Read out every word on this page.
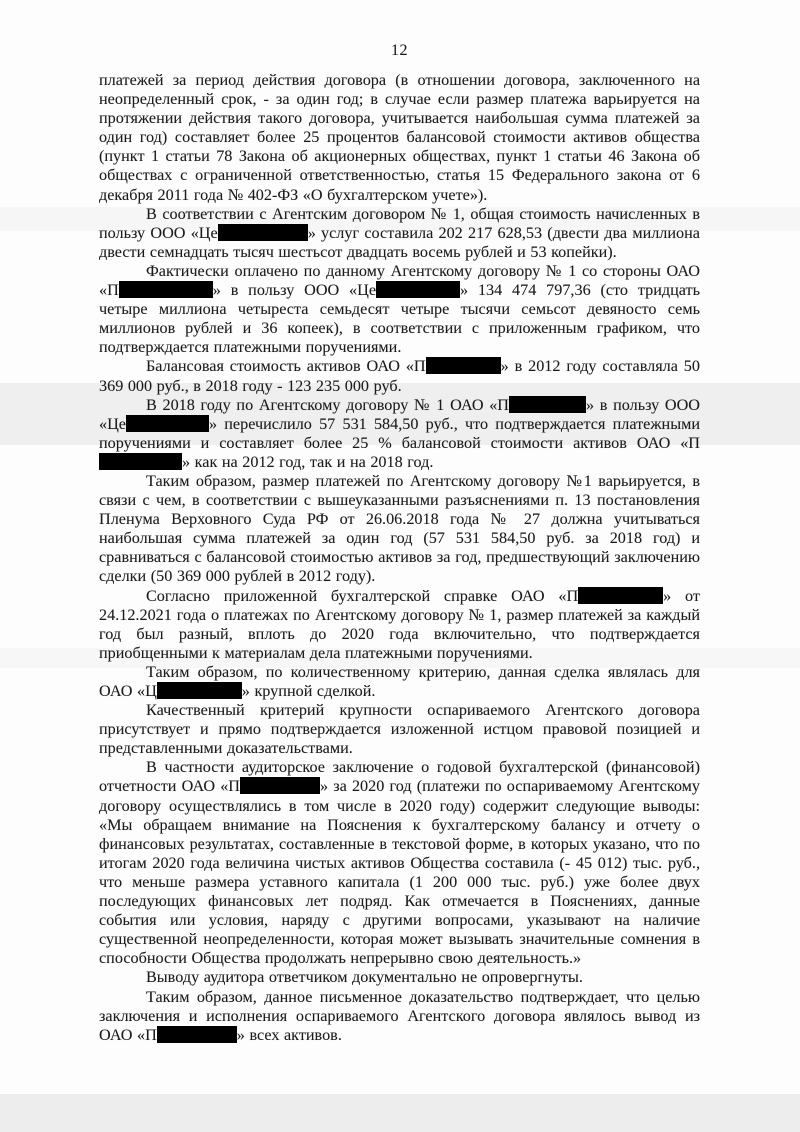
12

платежей за период действия договора (в отношении договора, заключенного на неопределенный срок, - за один год; в случае если размер платежа варьируется на протяжении действия такого договора, учитывается наибольшая сумма платежей за один год) составляет более 25 процентов балансовой стоимости активов общества (пункт 1 статьи 78 Закона об акционерных обществах, пункт 1 статьи 46 Закона об обществах с ограниченной ответственностью, статья 15 Федерального закона от 6 декабря 2011 года № 402-ФЗ «О бухгалтерском учете»).

В соответствии с Агентским договором № 1, общая стоимость начисленных в пользу ООО «Це	» услуг составила 202 217 628,53 (двести два миллиона двести семнадцать тысяч шестьсот двадцать восемь рублей и 53 копейки).

Фактически оплачено по данному Агентскому договору № 1 со стороны ОАО «П	» в пользу ООО «Це	» 134 474 797,36 (сто тридцать четыре миллиона четыреста семьдесят четыре тысячи семьсот девяносто семь миллионов рублей и 36 копеек), в соответствии с приложенным графиком, что подтверждается платежными поручениями.

Балансовая стоимость активов ОАО «П	» в 2012 году составляла 50 369 000 руб., в 2018 году - 123 235 000 руб.

В 2018 году по Агентскому договору № 1 ОАО «П	» в пользу ООО «Це	» перечислило 57 531 584,50 руб., что подтверждается платежными поручениями и составляет более 25 % балансовой стоимости активов ОАО «П» как на 2012 год, так и на 2018 год.

Таким образом, размер платежей по Агентскому договору №1 варьируется, в связи с чем, в соответствии с вышеуказанными разъяснениями п. 13 постановления Пленума Верховного Суда РФ от 26.06.2018 года № 27 должна учитываться наибольшая сумма платежей за один год (57 531 584,50 руб. за 2018 год) и сравниваться с балансовой стоимостью активов за год, предшествующий заключению сделки (50 369 000 рублей в 2012 году).

Согласно приложенной бухгалтерской справке ОАО «П	» от 24.12.2021 года о платежах по Агентскому договору № 1, размер платежей за каждый год был разный, вплоть до 2020 года включительно, что подтверждается приобщенными к материалам дела платежными поручениями.

Таким образом, по количественному критерию, данная сделка являлась для ОАО «Ц	» крупной сделкой.

Качественный критерий крупности оспариваемого Агентского договора присутствует и прямо подтверждается изложенной истцом правовой позицией и представленными доказательствами.

В частности аудиторское заключение о годовой бухгалтерской (финансовой) отчетности ОАО «П	» за 2020 год (платежи по оспариваемому Агентскому договору осуществлялись в том числе в 2020 году) содержит следующие выводы: «Мы обращаем внимание на Пояснения к бухгалтерскому балансу и отчету о финансовых результатах, составленные в текстовой форме, в которых указано, что по итогам 2020 года величина чистых активов Общества составила (- 45 012) тыс. руб., что меньше размера уставного капитала (1 200 000 тыс. руб.) уже более двух последующих финансовых лет подряд. Как отмечается в Пояснениях, данные события или условия, наряду с другими вопросами, указывают на наличие существенной неопределенности, которая может вызывать значительные сомнения в способности Общества продолжать непрерывно свою деятельность.»

Выводу аудитора ответчиком документально не опровергнуты.

Таким образом, данное письменное доказательство подтверждает, что целью заключения и исполнения оспариваемого Агентского договора являлось вывод из ОАО «П	» всех активов.
